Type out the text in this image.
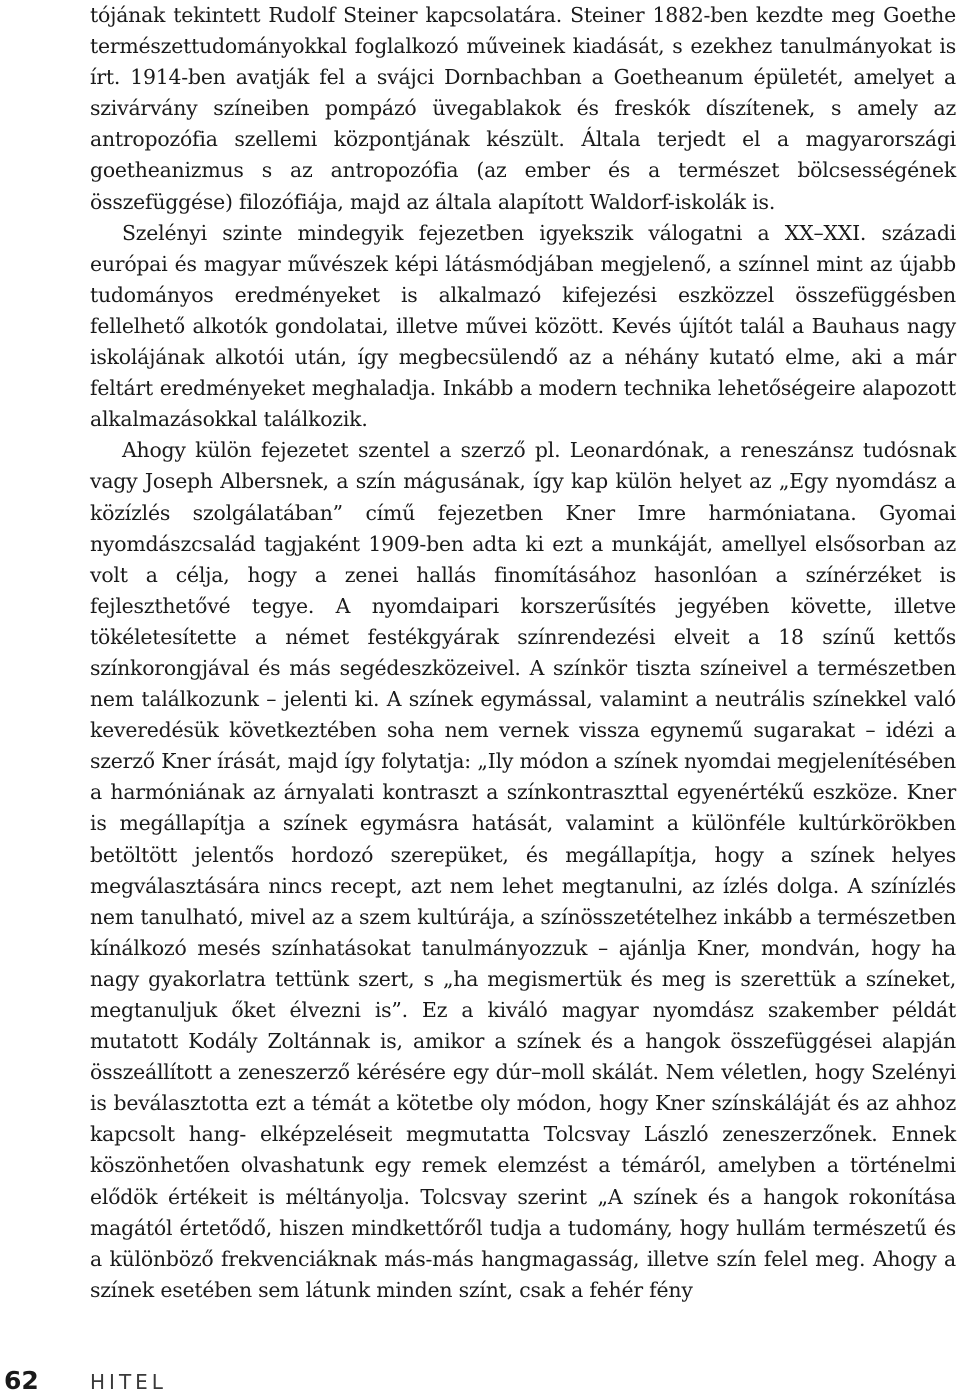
tójának tekintett Rudolf Steiner kapcsolatára. Steiner 1882-ben kezdte meg Goethe természettudományokkal foglalkozó műveinek kiadását, s ezekhez tanulmányokat is írt. 1914-ben avatják fel a svájci Dornbachban a Goetheanum épületét, amelyet a szivárvány színeiben pompázó üvegablakok és freskók díszítenek, s amely az antropozófia szellemi központjának készült. Általa terjedt el a magyarországi goetheanizmus s az antropozófia (az ember és a természet bölcsességének összefüggése) filozófiája, majd az általa alapított Waldorf-iskolák is.

Szelényi szinte mindegyik fejezetben igyekszik válogatni a XX–XXI. századi európai és magyar művészek képi látásmódjában megjelenő, a színnel mint az újabb tudományos eredményeket is alkalmazó kifejezési eszközzel összefüggésben fellelhető alkotók gondolatai, illetve művei között. Kevés újítót talál a Bauhaus nagy iskolájának alkotói után, így megbecsülendő az a néhány kutató elme, aki a már feltárt eredményeket meghaladja. Inkább a modern technika lehetőségeire alapozott alkalmazásokkal találkozik.

Ahogy külön fejezetet szentel a szerző pl. Leonardónak, a reneszánsz tudósnak vagy Joseph Albersnek, a szín mágusának, így kap külön helyet az „Egy nyomdász a közízlés szolgálatában” című fejezetben Kner Imre harmóniatana. Gyomai nyomdászcsalád tagjaként 1909-ben adta ki ezt a munkáját, amellyel elsősorban az volt a célja, hogy a zenei hallás finomításához hasonlóan a színérzéket is fejleszthetővé tegye. A nyomdaipari korszerűsítés jegyében követte, illetve tökéletesítette a német festékgyárak színrendezési elveit a 18 színű kettős színkorongjával és más segédeszközeivel. A színkör tiszta színeivel a természetben nem találkozunk – jelenti ki. A színek egymással, valamint a neutrális színekkel való keveredésük következtében soha nem vernek vissza egynemű sugarakat – idézi a szerző Kner írását, majd így folytatja: „Ily módon a színek nyomdai megjelenítésében a harmóniának az árnyalati kontraszt a színkontraszttal egyenértékű eszköze. Kner is megállapítja a színek egymásra hatását, valamint a különféle kultúrkörökben betöltött jelentős hordozó szerepüket, és megállapítja, hogy a színek helyes megválasztására nincs recept, azt nem lehet megtanulni, az ízlés dolga. A színízlés nem tanulható, mivel az a szem kultúrája, a színösszetételhez inkább a természetben kínálkozó mesés színhatásokat tanulmányozzuk – ajánlja Kner, mondván, hogy ha nagy gyakorlatra tettünk szert, s „ha megismertük és meg is szerettük a színeket, megtanuljuk őket élvezni is”. Ez a kiváló magyar nyomdász szakember példát mutatott Kodály Zoltánnak is, amikor a színek és a hangok összefüggései alapján összeállított a zeneszerző kérésére egy dúr–moll skálát. Nem véletlen, hogy Szelényi is beválasztotta ezt a témát a kötetbe oly módon, hogy Kner színskáláját és az ahhoz kapcsolt hang- elképzeléseit megmutatta Tolcsvay László zeneszerzőnek. Ennek köszönhetően olvashatunk egy remek elemzést a témáról, amelyben a történelmi elődök értékeit is méltányolja. Tolcsvay szerint „A színek és a hangok rokonítása magától értetődő, hiszen mindkettőről tudja a tudomány, hogy hullám természetű és a különböző frekvenciáknak más-más hangmagasság, illetve szín felel meg. Ahogy a színek esetében sem látunk minden színt, csak a fehér fény

62	HITEL
